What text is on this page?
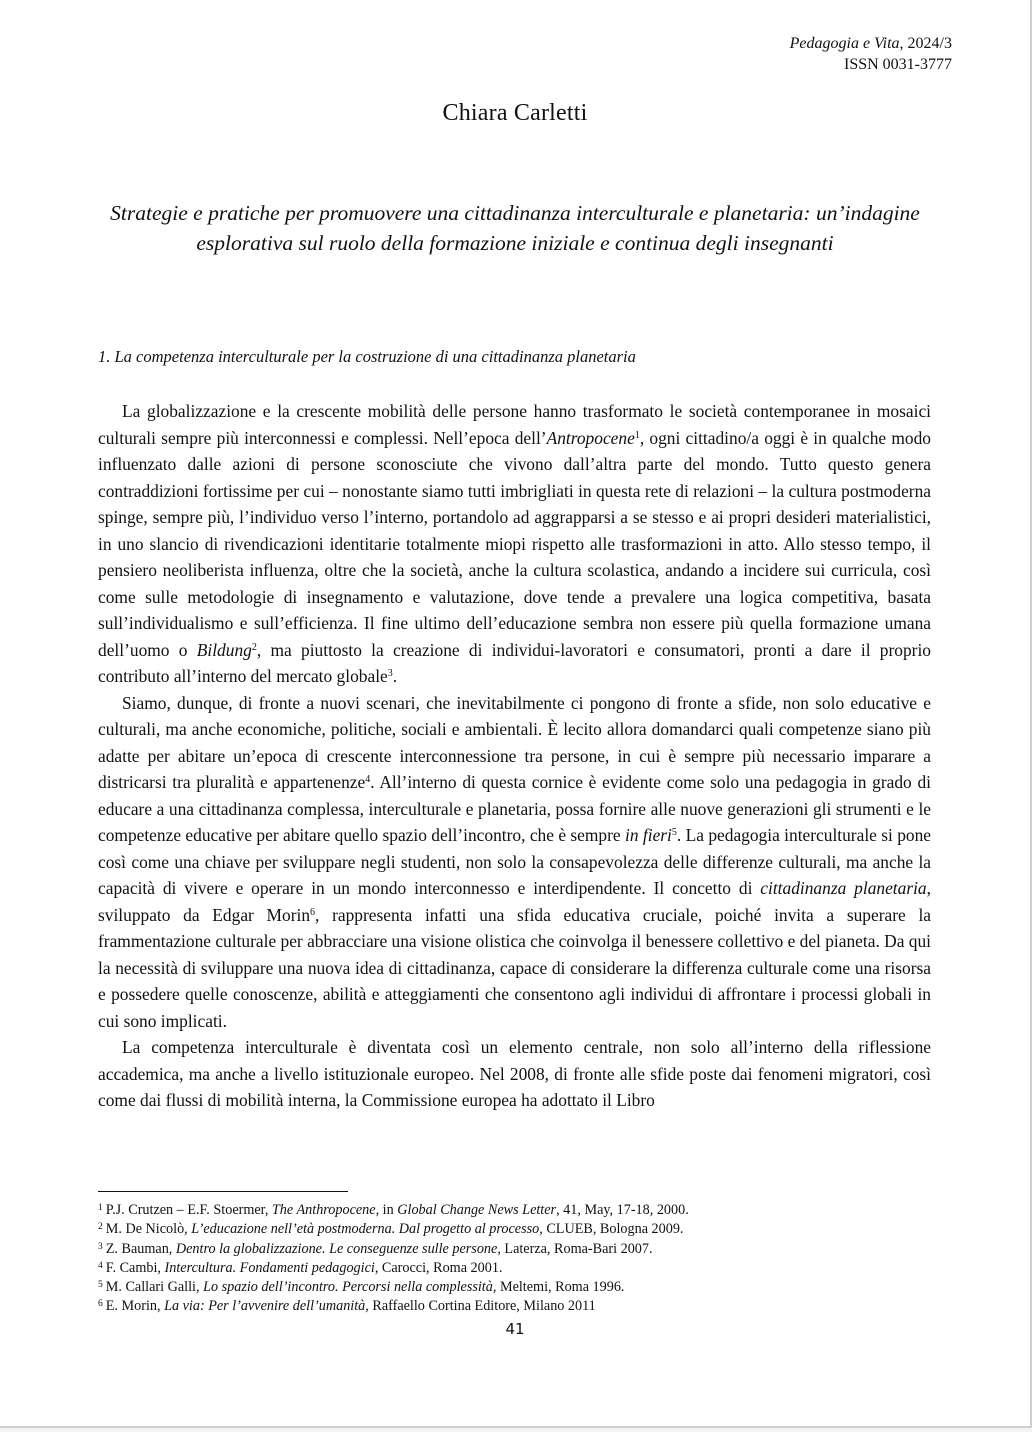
Pedagogia e Vita, 2024/3
ISSN 0031-3777
Chiara Carletti
Strategie e pratiche per promuovere una cittadinanza interculturale e planetaria: un’indagine esplorativa sul ruolo della formazione iniziale e continua degli insegnanti
1. La competenza interculturale per la costruzione di una cittadinanza planetaria

La globalizzazione e la crescente mobilità delle persone hanno trasformato le società contemporanee in mosaici culturali sempre più interconnessi e complessi. Nell’epoca dell’Antropocene$^1$, ogni cittadino/a oggi è in qualche modo influenzato dalle azioni di persone sconosciute che vivono dall’altra parte del mondo. Tutto questo genera contraddizioni fortissime per cui – nonostante siamo tutti imbrigliati in questa rete di relazioni – la cultura postmoderna spinge, sempre più, l’individuo verso l’interno, portandolo ad aggrapparsi a se stesso e ai propri desideri materialistici, in uno slancio di rivendicazioni identitarie totalmente miopi rispetto alle trasformazioni in atto. Allo stesso tempo, il pensiero neoliberista influenza, oltre che la società, anche la cultura scolastica, andando a incidere sui curricula, così come sulle metodologie di insegnamento e valutazione, dove tende a prevalere una logica competitiva, basata sull’individualismo e sull’efficienza. Il fine ultimo dell’educazione sembra non essere più quella formazione umana dell’uomo o Bildung$^2$, ma piuttosto la creazione di individui-lavoratori e consumatori, pronti a dare il proprio contributo all’interno del mercato globale$^3$.

Siamo, dunque, di fronte a nuovi scenari, che inevitabilmente ci pongono di fronte a sfide, non solo educative e culturali, ma anche economiche, politiche, sociali e ambientali. È lecito allora domandarci quali competenze siano più adatte per abitare un’epoca di crescente interconnessione tra persone, in cui è sempre più necessario imparare a districarsi tra pluralità e appartenenze$^4$. All’interno di questa cornice è evidente come solo una pedagogia in grado di educare a una cittadinanza complessa, interculturale e planetaria, possa fornire alle nuove generazioni gli strumenti e le competenze educative per abitare quello spazio dell’incontro, che è sempre in fieri$^5$. La pedagogia interculturale si pone così come una chiave per sviluppare negli studenti, non solo la consapevolezza delle differenze culturali, ma anche la capacità di vivere e operare in un mondo interconnesso e interdipendente. Il concetto di cittadinanza planetaria, sviluppato da Edgar Morin$^6$, rappresenta infatti una sfida educativa cruciale, poiché invita a superare la frammentazione culturale per abbracciare una visione olistica che coinvolga il benessere collettivo e del pianeta. Da qui la necessità di sviluppare una nuova idea di cittadinanza, capace di considerare la differenza culturale come una risorsa e possedere quelle conoscenze, abilità e atteggiamenti che consentono agli individui di affrontare i processi globali in cui sono implicati.

La competenza interculturale è diventata così un elemento centrale, non solo all’interno della riflessione accademica, ma anche a livello istituzionale europeo. Nel 2008, di fronte alle sfide poste dai fenomeni migratori, così come dai flussi di mobilità interna, la Commissione europea ha adottato il Libro

$^1$ P.J. Crutzen – E.F. Stoermer, The Anthropocene, in Global Change News Letter, 41, May, 17-18, 2000.
$^2$ M. De Nicolò, L’educazione nell’età postmoderna. Dal progetto al processo, CLUEB, Bologna 2009.
$^3$ Z. Bauman, Dentro la globalizzazione. Le conseguenze sulle persone, Laterza, Roma-Bari 2007.
$^4$ F. Cambi, Intercultura. Fondamenti pedagogici, Carocci, Roma 2001.
$^5$ M. Callari Galli, Lo spazio dell’incontro. Percorsi nella complessità, Meltemi, Roma 1996.
$^6$ E. Morin, La via: Per l’avvenire dell’umanità, Raffaello Cortina Editore, Milano 2011
41
